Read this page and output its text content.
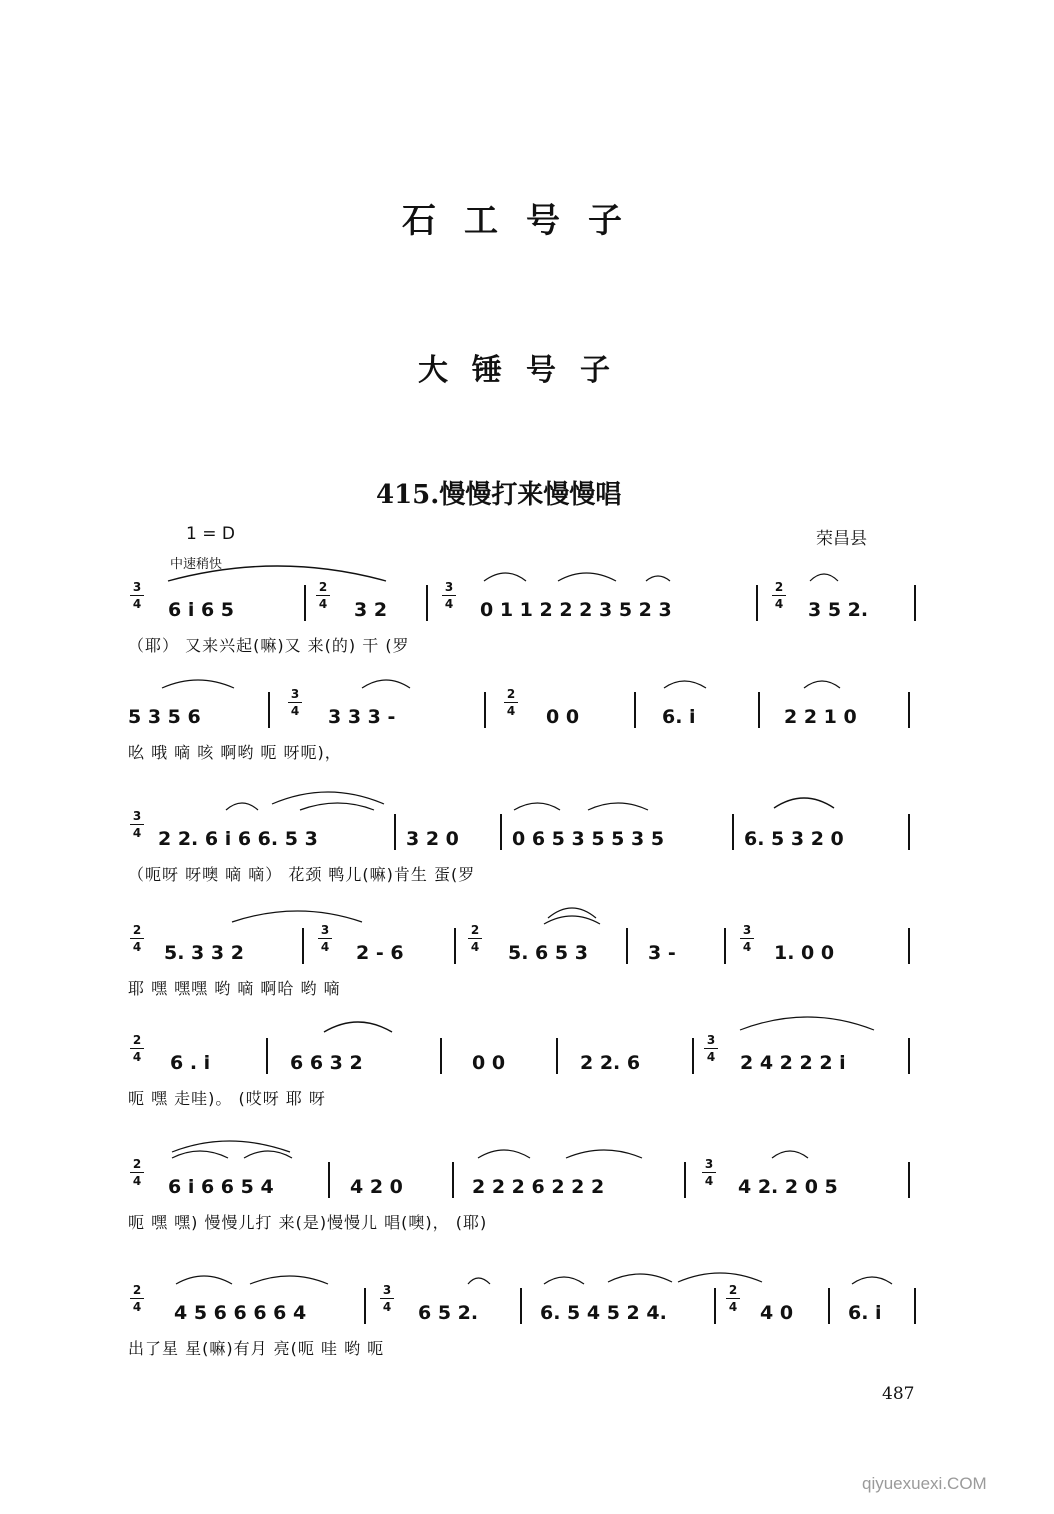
石工号子
大锤号子
415.慢慢打来慢慢唱
1 = D	荣昌县
中速稍快
3
4 6 i 6 5
2
4 3 2
3
4 0 1 1 2 2 2 3 5 2 3
2
4 3 5 2.
（耶） 又来兴起(嘛)又 来(的) 干 (罗
5 3 5 6
3
4 3 3 3 -
2
4 0 0	6. i	2 2 1 0
吆 哦 嘀 咳 啊哟 呃 呀呃)，
3
4 2 2. 6 i 6 6. 5 3	3 2 0	0 6 5 3 5 5 3 5	6. 5 3 2 0
（呃呀 呀噢 嘀 嘀） 花颈 鸭儿(嘛)肯生 蛋(罗
2
4 5. 3 3 2
3
4 2 - 6
2
4 5. 6 5 3	3 -
3
4 1. 0 0
耶 嘿 嘿嘿 哟 嘀 啊哈 哟 嘀
2
4 6 . i	6 6 3 2	0 0	2 2. 6
3
4 2 4 2 2 2 i
呃 嘿 走哇)。 (哎呀 耶 呀
2
4 6 i 6 6 5 4	4 2 0	2 2 2 6 2 2 2
3
4 4 2. 2 0 5
呃 嘿 嘿) 慢慢儿打 来(是)慢慢儿 唱(噢)， (耶)
2
4 4 5 6 6 6 6 4
3
4 6 5 2.	6. 5 4 5 2 4.
2
4 4 0	6. i
出了星 星(嘛)有月 亮(呃 哇 哟 呃
487
qiyuexuexi.COM
